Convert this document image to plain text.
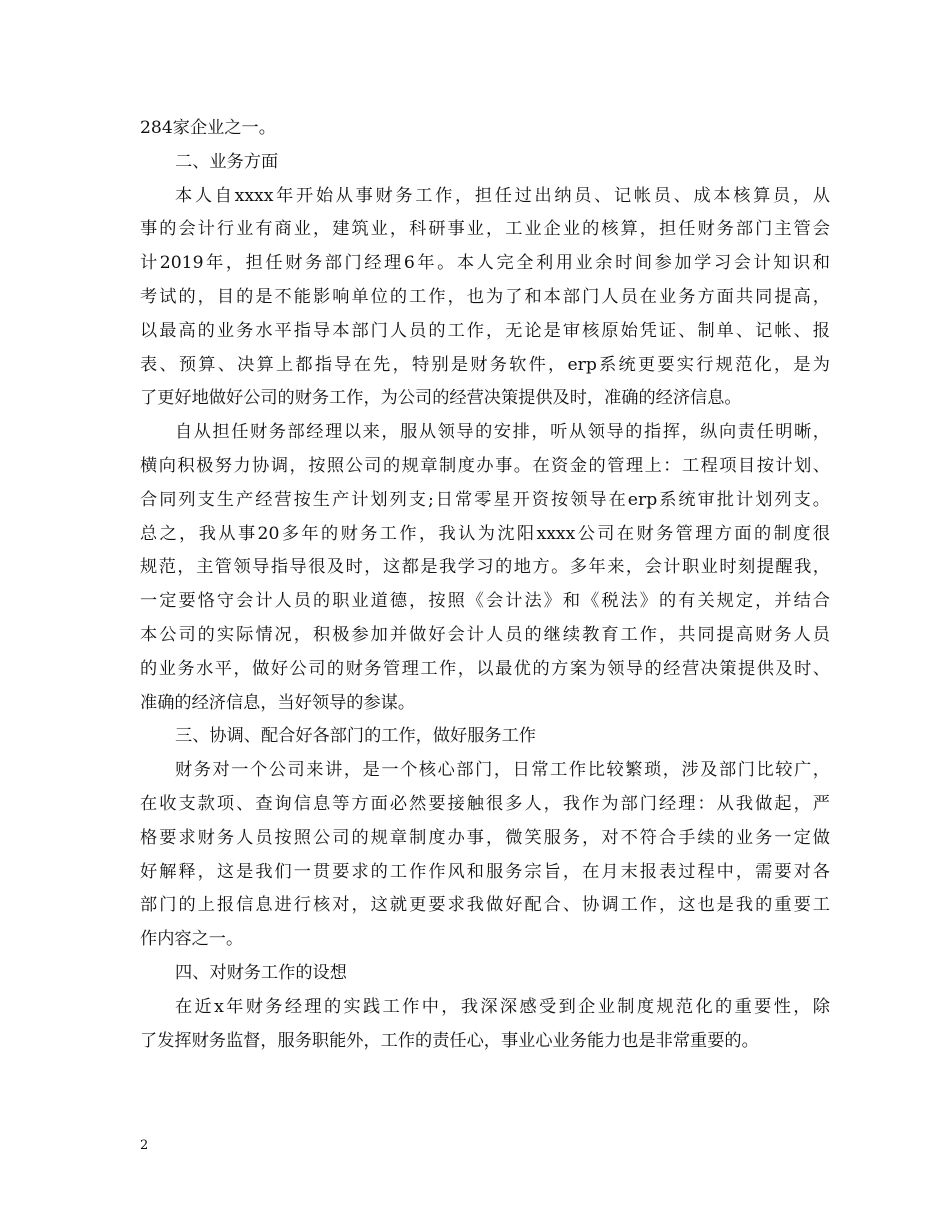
284家企业之一。
二、业务方面
本人自xxxx年开始从事财务工作，担任过出纳员、记帐员、成本核算员，从
事的会计行业有商业，建筑业，科研事业，工业企业的核算，担任财务部门主管会
计2019年，担任财务部门经理6年。本人完全利用业余时间参加学习会计知识和
考试的，目的是不能影响单位的工作，也为了和本部门人员在业务方面共同提高，
以最高的业务水平指导本部门人员的工作，无论是审核原始凭证、制单、记帐、报
表、预算、决算上都指导在先，特别是财务软件，erp系统更要实行规范化，是为
了更好地做好公司的财务工作，为公司的经营决策提供及时，准确的经济信息。
自从担任财务部经理以来，服从领导的安排，听从领导的指挥，纵向责任明晰，
横向积极努力协调，按照公司的规章制度办事。在资金的管理上：工程项目按计划、
合同列支生产经营按生产计划列支;日常零星开资按领导在erp系统审批计划列支。
总之，我从事20多年的财务工作，我认为沈阳xxxx公司在财务管理方面的制度很
规范，主管领导指导很及时，这都是我学习的地方。多年来，会计职业时刻提醒我，
一定要恪守会计人员的职业道德，按照《会计法》和《税法》的有关规定，并结合
本公司的实际情况，积极参加并做好会计人员的继续教育工作，共同提高财务人员
的业务水平，做好公司的财务管理工作，以最优的方案为领导的经营决策提供及时、
准确的经济信息，当好领导的参谋。
三、协调、配合好各部门的工作，做好服务工作
财务对一个公司来讲，是一个核心部门，日常工作比较繁琐，涉及部门比较广，
在收支款项、查询信息等方面必然要接触很多人，我作为部门经理：从我做起，严
格要求财务人员按照公司的规章制度办事，微笑服务，对不符合手续的业务一定做
好解释，这是我们一贯要求的工作作风和服务宗旨，在月末报表过程中，需要对各
部门的上报信息进行核对，这就更要求我做好配合、协调工作，这也是我的重要工
作内容之一。
四、对财务工作的设想
在近x年财务经理的实践工作中，我深深感受到企业制度规范化的重要性，除
了发挥财务监督，服务职能外，工作的责任心，事业心业务能力也是非常重要的。
2
